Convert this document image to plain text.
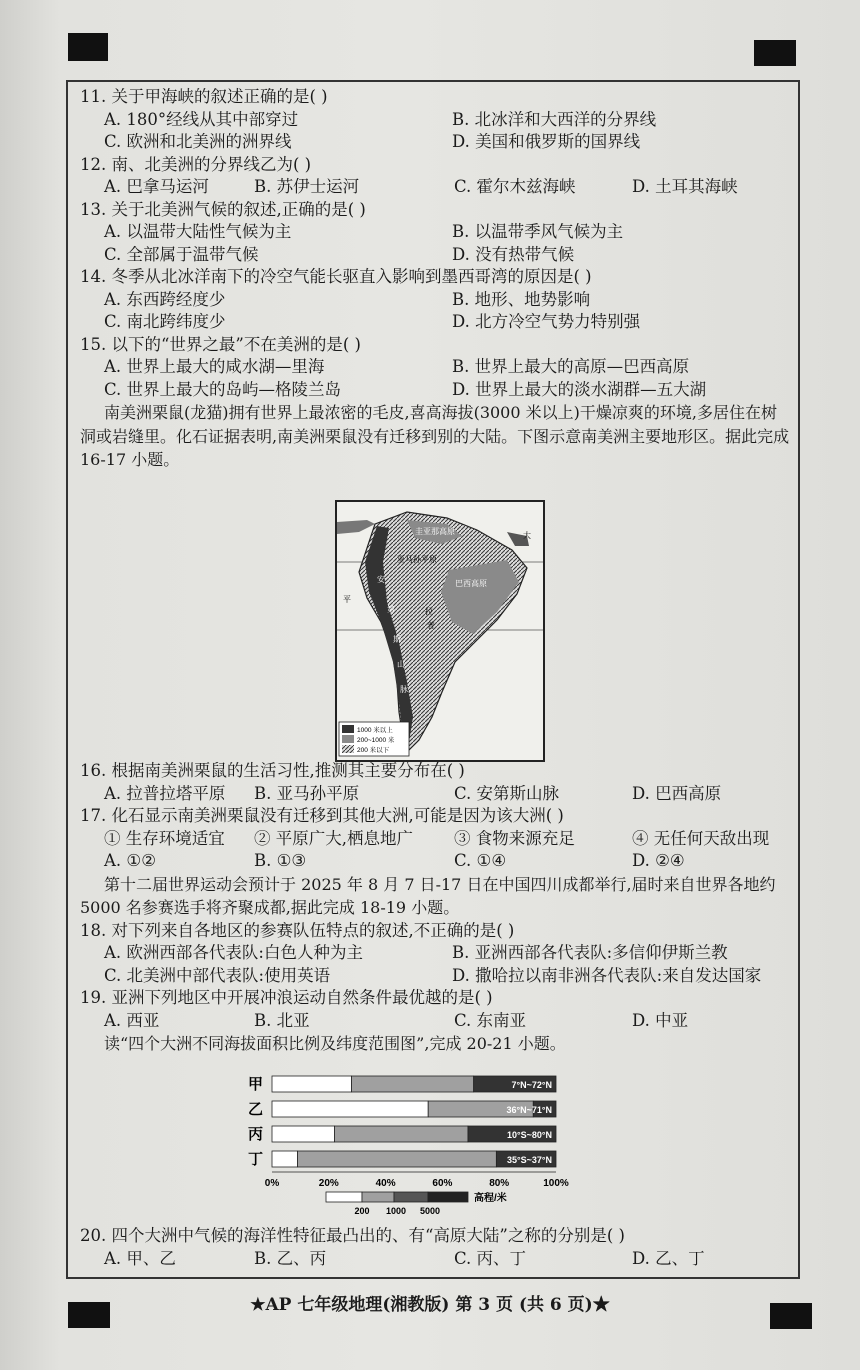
11. 关于甲海峡的叙述正确的是( )
A. 180°经线从其中部穿过	B. 北冰洋和大西洋的分界线
C. 欧洲和北美洲的洲界线	D. 美国和俄罗斯的国界线
12. 南、北美洲的分界线乙为( )
A. 巴拿马运河	B. 苏伊士运河	C. 霍尔木兹海峡	D. 土耳其海峡
13. 关于北美洲气候的叙述,正确的是( )
A. 以温带大陆性气候为主	B. 以温带季风气候为主
C. 全部属于温带气候	D. 没有热带气候
14. 冬季从北冰洋南下的冷空气能长驱直入影响到墨西哥湾的原因是( )
A. 东西跨经度少	B. 地形、地势影响
C. 南北跨纬度少	D. 北方冷空气势力特别强
15. 以下的“世界之最”不在美洲的是( )
A. 世界上最大的咸水湖—里海	B. 世界上最大的高原—巴西高原
C. 世界上最大的岛屿—格陵兰岛	D. 世界上最大的淡水湖群—五大湖
南美洲栗鼠(龙猫)拥有世界上最浓密的毛皮,喜高海拔(3000 米以上)干燥凉爽的环境,多居住在树洞或岩缝里。化石证据表明,南美洲栗鼠没有迁移到别的大陆。下图示意南美洲主要地形区。据此完成 16-17 小题。
圭亚那高原
亚马孙平原
巴西高原
大
平
拉
普
安
第
斯
山
脉
1000 米以上
200~1000 米
200 米以下
16. 根据南美洲栗鼠的生活习性,推测其主要分布在( )
A. 拉普拉塔平原	B. 亚马孙平原	C. 安第斯山脉	D. 巴西高原
17. 化石显示南美洲栗鼠没有迁移到其他大洲,可能是因为该大洲( )
① 生存环境适宜	② 平原广大,栖息地广	③ 食物来源充足	④ 无任何天敌出现
A. ①②	B. ①③	C. ①④	D. ②④
第十二届世界运动会预计于 2025 年 8 月 7 日-17 日在中国四川成都举行,届时来自世界各地约 5000 名参赛选手将齐聚成都,据此完成 18-19 小题。
18. 对下列来自各地区的参赛队伍特点的叙述,不正确的是( )
A. 欧洲西部各代表队:白色人种为主	B. 亚洲西部各代表队:多信仰伊斯兰教
C. 北美洲中部代表队:使用英语	D. 撒哈拉以南非洲各代表队:来自发达国家
19. 亚洲下列地区中开展冲浪运动自然条件最优越的是( )
A. 西亚	B. 北亚	C. 东南亚	D. 中亚
读“四个大洲不同海拔面积比例及纬度范围图”,完成 20-21 小题。
甲	7°N~72°N
乙	36°N~71°N
丙	10°S~80°N
丁	35°S~37°N
0%	20%	40%	60%	80%	100%
高程/米
200 1000 5000
20. 四个大洲中气候的海洋性特征最凸出的、有“高原大陆”之称的分别是( )
A. 甲、乙	B. 乙、丙	C. 丙、丁	D. 乙、丁
★AP 七年级地理(湘教版) 第 3 页 (共 6 页)★
